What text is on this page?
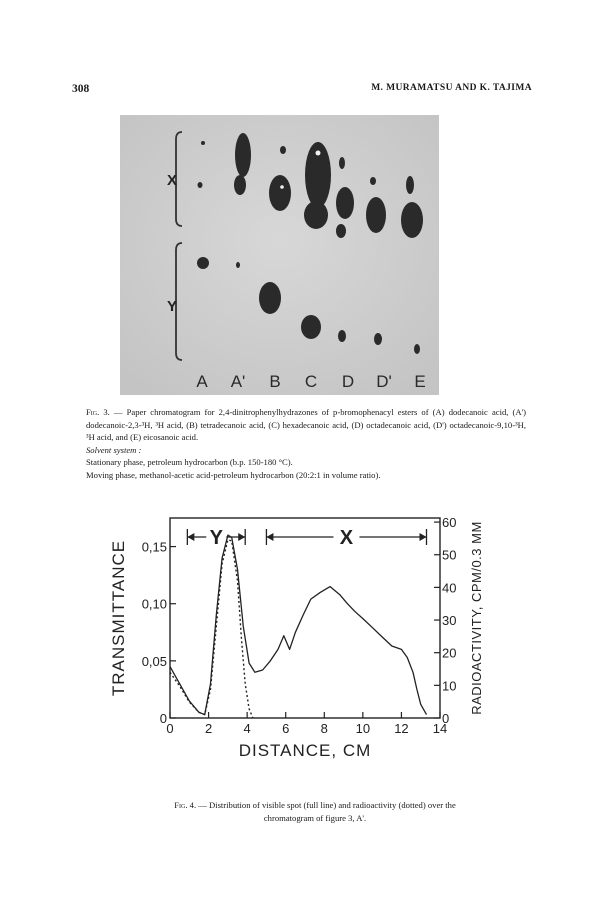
308	M. MURAMATSU AND K. TAJIMA
X
Y
A A' B C D D' E

Fig. 3. — Paper chromatogram for 2,4-dinitrophenylhydrazones of p-bromophenacyl esters of (A) dodecanoic acid, (A') dodecanoic-2,3-³H, ³H acid, (B) tetradecanoic acid, (C) hexadecanoic acid, (D) octadecanoic acid, (D') octadecanoic-9,10-³H, ³H acid, and (E) eicosanoic acid.

Solvent system :

Stationary phase, petroleum hydrocarbon (b.p. 150-180 °C).

Moving phase, methanol-acetic acid-petroleum hydrocarbon (20:2:1 in volume ratio).

0 2 4 6 8 10 12 14
0
0,05
0,10
0,15
0
10
20
30
40
50
60
DISTANCE, CM
TRANSMITTANCE	RADIOACTIVITY, CPM/0.3 MM
Y	X
Fig. 4. — Distribution of visible spot (full line) and radioactivity (dotted) over the chromatogram of figure 3, A'.
